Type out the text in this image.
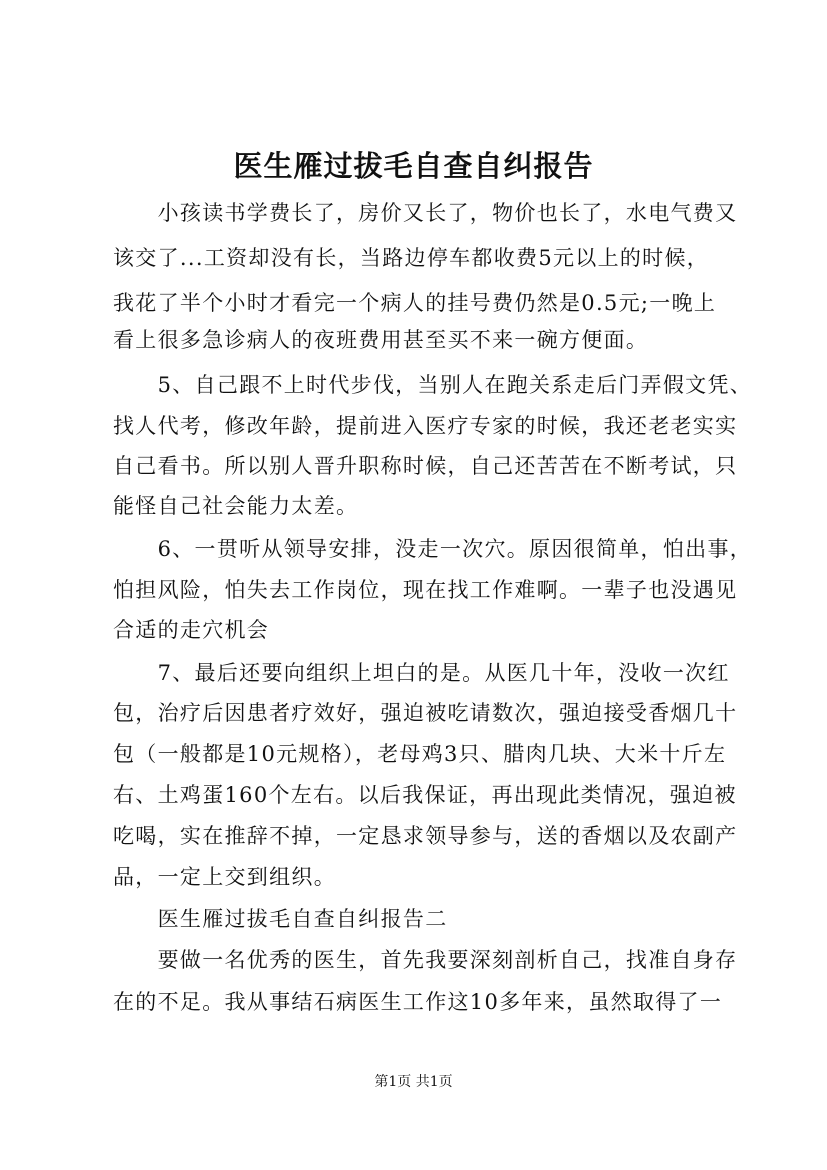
医生雁过拔毛自查自纠报告
　　小孩读书学费长了，房价又长了，物价也长了，水电气费又
该交了...工资却没有长，当路边停车都收费5元以上的时候，
我花了半个小时才看完一个病人的挂号费仍然是0.5元;一晚上
看上很多急诊病人的夜班费用甚至买不来一碗方便面。
　　5、自己跟不上时代步伐，当别人在跑关系走后门弄假文凭、
找人代考，修改年龄，提前进入医疗专家的时候，我还老老实实
自己看书。所以别人晋升职称时候，自己还苦苦在不断考试，只
能怪自己社会能力太差。
　　6、一贯听从领导安排，没走一次穴。原因很简单，怕出事，
怕担风险，怕失去工作岗位，现在找工作难啊。一辈子也没遇见
合适的走穴机会
　　7、最后还要向组织上坦白的是。从医几十年，没收一次红
包，治疗后因患者疗效好，强迫被吃请数次，强迫接受香烟几十
包（一般都是10元规格），老母鸡3只、腊肉几块、大米十斤左
右、土鸡蛋160个左右。以后我保证，再出现此类情况，强迫被
吃喝，实在推辞不掉，一定恳求领导参与，送的香烟以及农副产
品，一定上交到组织。
　　医生雁过拔毛自查自纠报告二
　　要做一名优秀的医生，首先我要深刻剖析自己，找准自身存
在的不足。我从事结石病医生工作这10多年来，虽然取得了一
第1页 共1页
